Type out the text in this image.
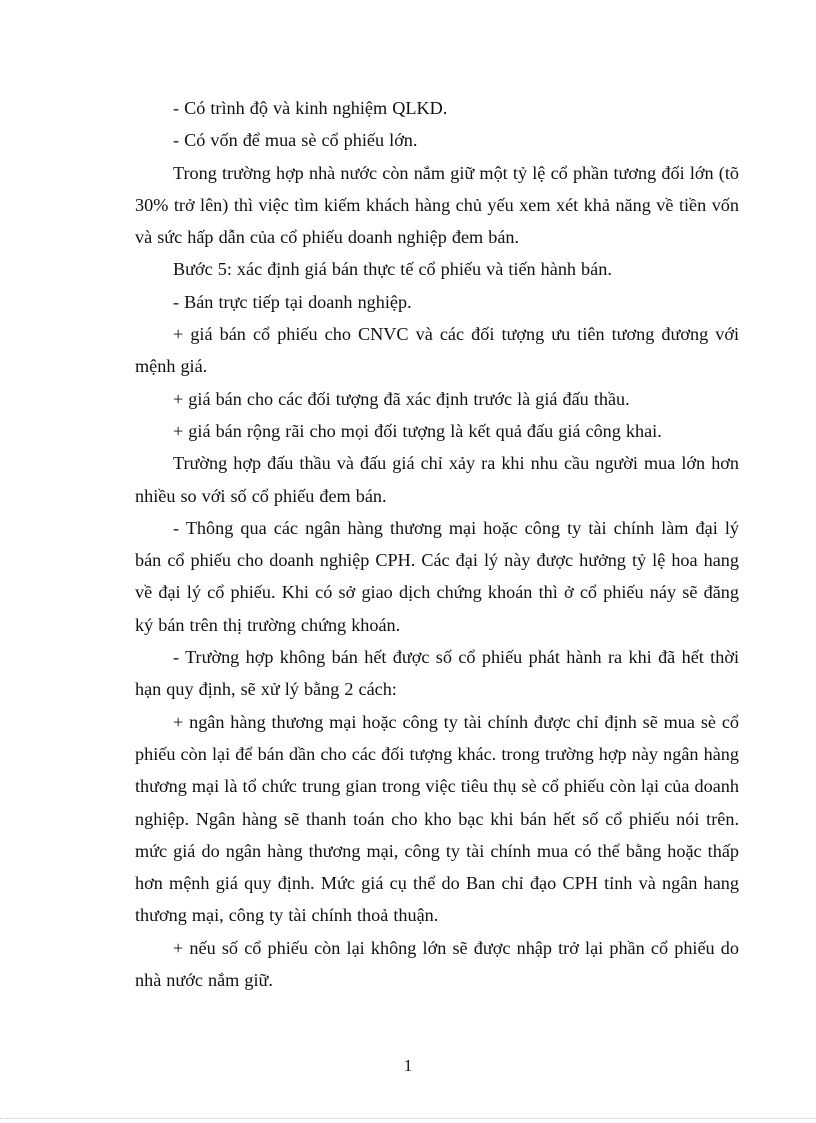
- Có trình độ và kinh nghiệm QLKD.

- Có vốn để mua sè cổ phiếu lớn.

Trong trường hợp nhà nước còn nắm giữ một tỷ lệ cổ phần tương đối lớn (tõ 30% trở lên) thì việc tìm kiếm khách hàng chủ yếu xem xét khả năng về tiền vốn và sức hấp dẫn của cổ phiếu doanh nghiệp đem bán.

Bước 5: xác định giá bán thực tế cổ phiếu và tiến hành bán.

- Bán trực tiếp tại doanh nghiệp.

+ giá bán cổ phiếu cho CNVC và các đối tượng ưu tiên tương đương với mệnh giá.

+ giá bán cho các đối tượng đã xác định trước là giá đấu thầu.

+ giá bán rộng rãi cho mọi đối tượng là kết quả đấu giá công khai.

Trường hợp đấu thầu và đấu giá chỉ xảy ra khi nhu cầu người mua lớn hơn nhiều so với số cổ phiếu đem bán.

- Thông qua các ngân hàng thương mại hoặc công ty tài chính làm đại lý bán cổ phiếu cho doanh nghiệp CPH. Các đại lý này được hưởng tỷ lệ hoa hang về đại lý cổ phiếu. Khi có sở giao dịch chứng khoán thì ở cổ phiếu náy sẽ đăng ký bán trên thị trường chứng khoán.

- Trường hợp không bán hết được số cổ phiếu phát hành ra khi đã hết thời hạn quy định, sẽ xử lý bằng 2 cách:

+ ngân hàng thương mại hoặc công ty tài chính được chỉ định sẽ mua sè cổ phiếu còn lại để bán dần cho các đối tượng khác. trong trường hợp này ngân hàng thương mại là tổ chức trung gian trong việc tiêu thụ sè cổ phiếu còn lại của doanh nghiệp. Ngân hàng sẽ thanh toán cho kho bạc khi bán hết số cổ phiếu nói trên. mức giá do ngân hàng thương mại, công ty tài chính mua có thể bằng hoặc thấp hơn mệnh giá quy định. Mức giá cụ thể do Ban chỉ đạo CPH tỉnh và ngân hang thương mại, công ty tài chính thoả thuận.

+ nếu số cổ phiếu còn lại không lớn sẽ được nhập trở lại phần cổ phiếu do nhà nước nắm giữ.

1
